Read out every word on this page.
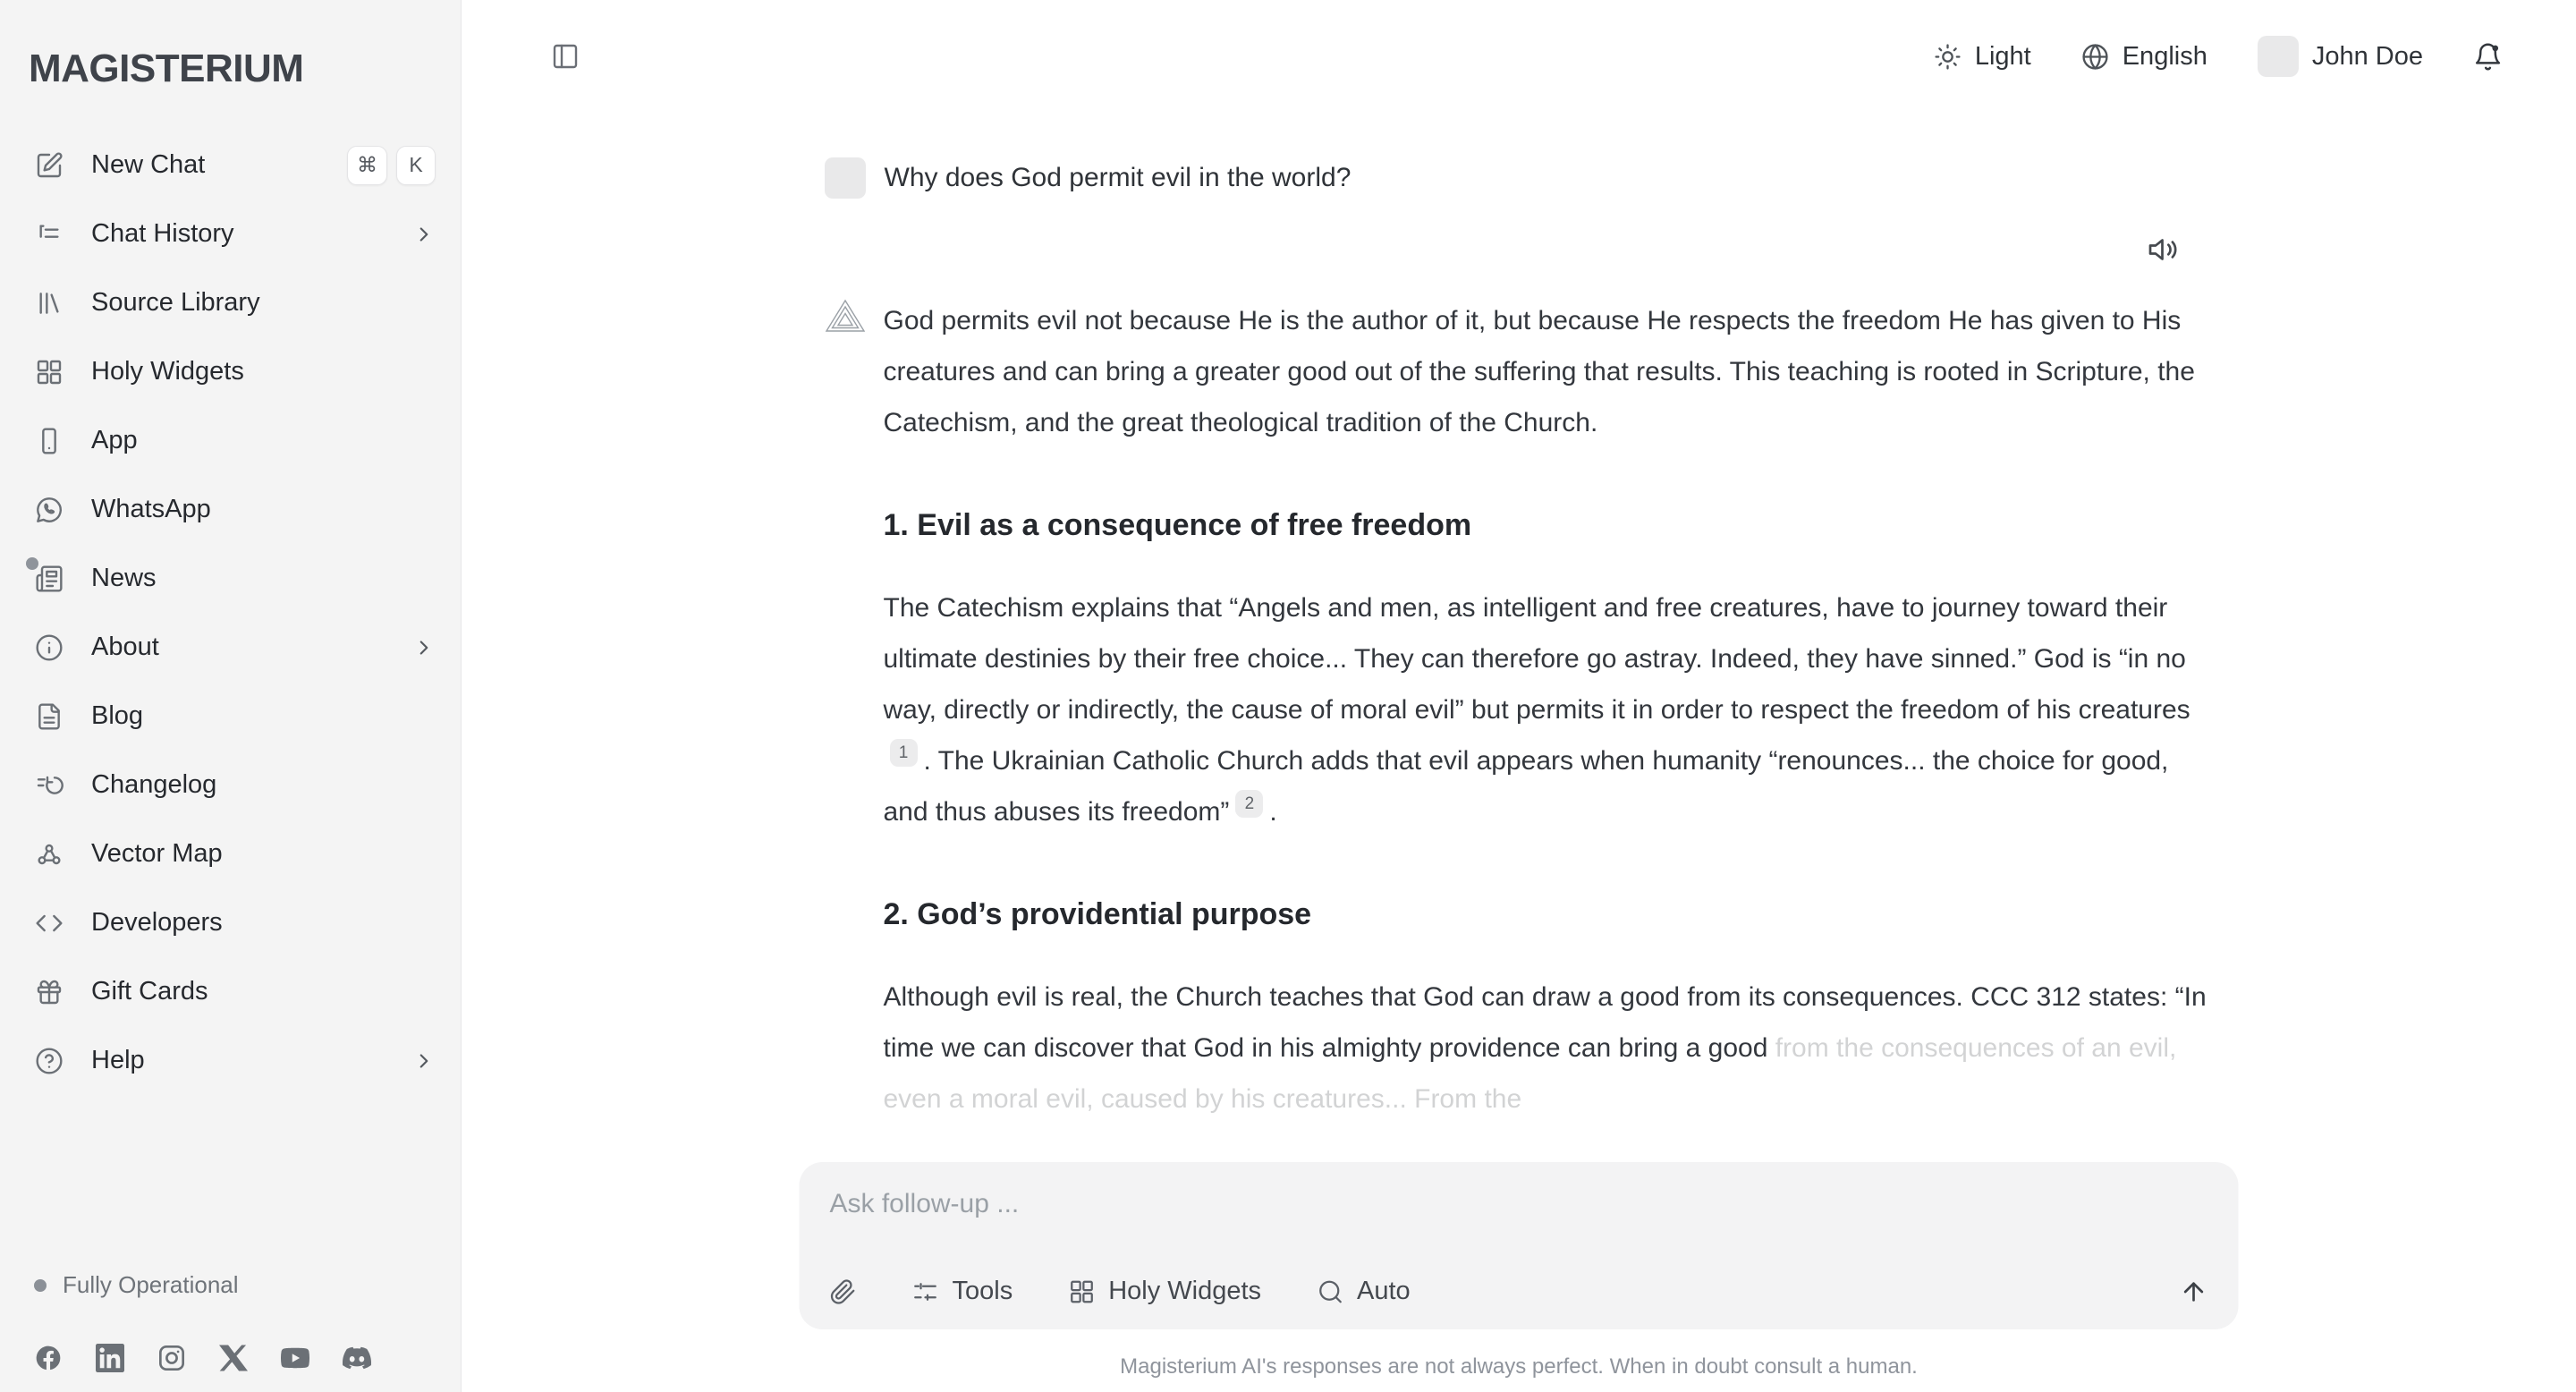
MAGISTERIUM
New Chat	⌘	K
Chat History
Source Library
Holy Widgets
App
WhatsApp
News
About
Blog
Changelog
Vector Map
Developers
Gift Cards
Help
Fully Operational
Light	English	John Doe
Why does God permit evil in the world?

God permits evil not because He is the author of it, but because He respects the freedom He has given to His creatures and can bring a greater good out of the suffering that results. This teaching is rooted in Scripture, the Catechism, and the great theological tradition of the Church.

1. Evil as a consequence of free freedom

The Catechism explains that “Angels and men, as intelligent and free creatures, have to journey toward their ultimate destinies by their free choice... They can therefore go astray. Indeed, they have sinned.” God is “in no way, directly or indirectly, the cause of moral evil” but permits it in order to respect the freedom of his creatures$^1$ . The Ukrainian Catholic Church adds that evil appears when humanity “renounces... the choice for good, and thus abuses its freedom” $^2$ .

2. God’s providential purpose

Although evil is real, the Church teaches that God can draw a good from its consequences. CCC 312 states: “In time we can discover that God in his almighty providence can bring a good from the consequences of an evil, even a moral evil, caused by his creatures... From the

Ask follow-up ...
Tools	Holy Widgets	Auto
Magisterium AI's responses are not always perfect. When in doubt consult a human.
